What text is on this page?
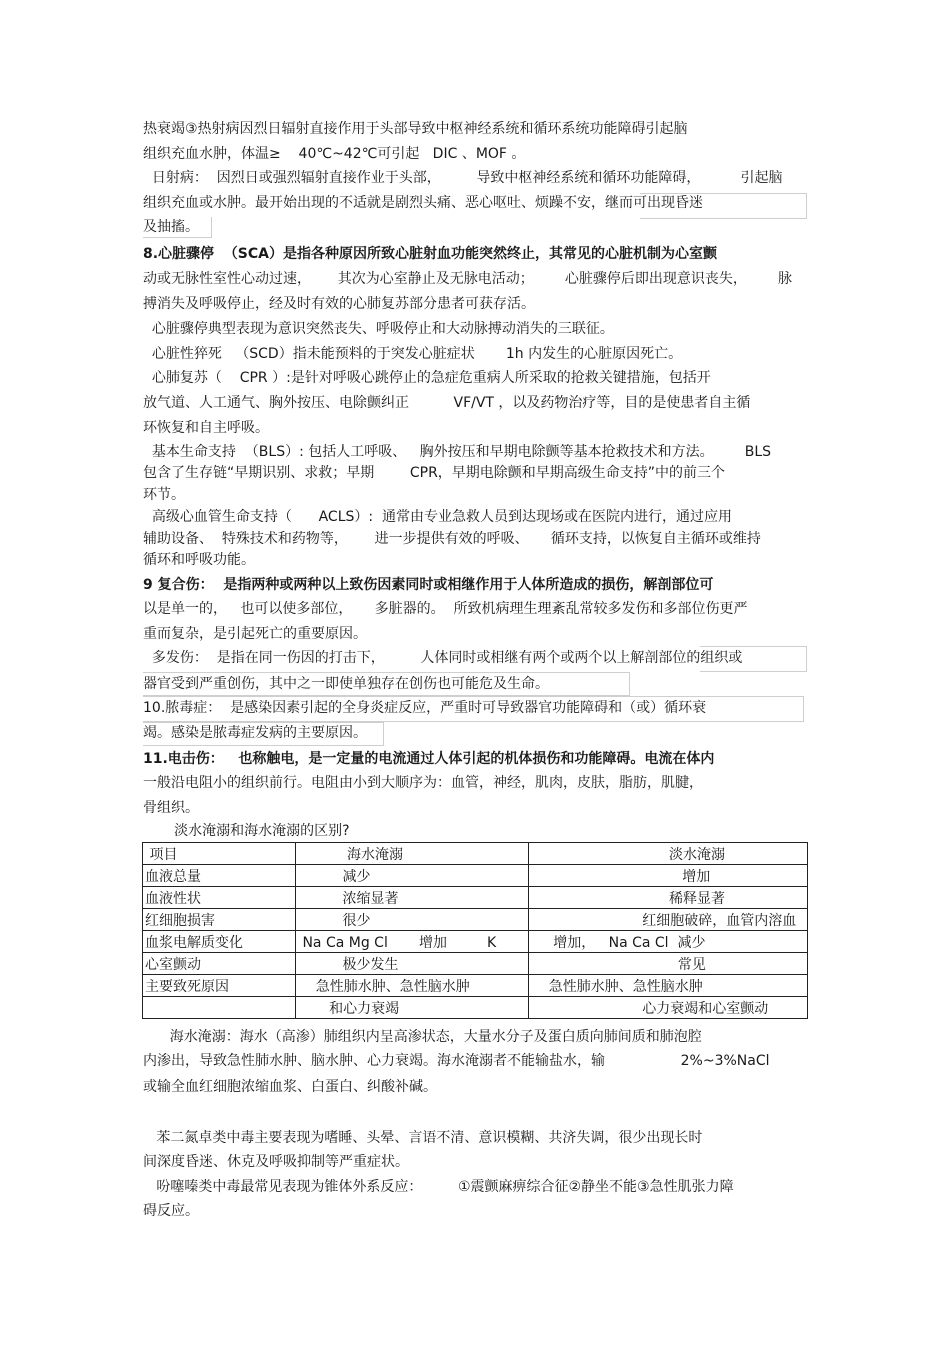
热衰竭③热射病因烈日辐射直接作用于头部导致中枢神经系统和循环系统功能障碍引起脑
组织充血水肿，体温≥    40℃~42℃可引起   DIC 、MOF 。
日射病：  因烈日或强烈辐射直接作业于头部，        导致中枢神经系统和循环功能障碍，         引起脑
组织充血或水肿。最开始出现的不适就是剧烈头痛、恶心呕吐、烦躁不安，继而可出现昏迷
及抽搐。
8.心脏骤停  （SCA）是指各种原因所致心脏射血功能突然终止，其常见的心脏机制为心室颤
动或无脉性室性心动过速，      其次为心室静止及无脉电活动；       心脏骤停后即出现意识丧失，       脉
搏消失及呼吸停止，经及时有效的心肺复苏部分患者可获存活。
心脏骤停典型表现为意识突然丧失、呼吸停止和大动脉搏动消失的三联征。
心脏性猝死   （SCD）指未能预料的于突发心脏症状       1h 内发生的心脏原因死亡。
心肺复苏（    CPR ）:是针对呼吸心跳停止的急症危重病人所采取的抢救关键措施，包括开
放气道、人工通气、胸外按压、电除颤纠正          VF/VT ，以及药物治疗等，目的是使患者自主循
环恢复和自主呼吸。
基本生命支持  （BLS）: 包括人工呼吸、   胸外按压和早期电除颤等基本抢救技术和方法。       BLS
包含了生存链“早期识别、求救；早期        CPR，早期电除颤和早期高级生命支持”中的前三个
环节。
高级心血管生命支持（      ACLS）:  通常由专业急救人员到达现场或在医院内进行，通过应用
辅助设备、  特殊技术和药物等，      进一步提供有效的呼吸、     循环支持，以恢复自主循环或维持
循环和呼吸功能。
9 复合伤：  是指两种或两种以上致伤因素同时或相继作用于人体所造成的损伤，解剖部位可
以是单一的，   也可以使多部位，     多脏器的。  所致机病理生理紊乱常较多发伤和多部位伤更严
重而复杂，是引起死亡的重要原因。
多发伤：  是指在同一伤因的打击下，        人体同时或相继有两个或两个以上解剖部位的组织或
器官受到严重创伤，其中之一即使单独存在创伤也可能危及生命。
10.脓毒症：  是感染因素引起的全身炎症反应，严重时可导致器官功能障碍和（或）循环衰
竭。感染是脓毒症发病的主要原因。
11.电击伤：   也称触电，是一定量的电流通过人体引起的机体损伤和功能障碍。电流在体内
一般沿电阻小的组织前行。电阻由小到大顺序为：血管，神经，肌肉，皮肤，脂肪，肌腱，
骨组织。
淡水淹溺和海水淹溺的区别?
项目	海水淹溺	淡水淹溺
血液总量	减少	增加
血液性状	浓缩显著	稀释显著
红细胞损害	很少	红细胞破碎，血管内溶血
血浆电解质变化	Na Ca Mg Cl       增加         K	增加，   Na Ca Cl  减少
心室颤动	极少发生	常见
主要致死原因	急性肺水肿、急性脑水肿	急性肺水肿、急性脑水肿
	和心力衰竭	心力衰竭和心室颤动
海水淹溺：海水（高渗）肺组织内呈高渗状态，大量水分子及蛋白质向肺间质和肺泡腔
内渗出，导致急性肺水肿、脑水肿、心力衰竭。海水淹溺者不能输盐水，输                 2%~3%NaCl
或输全血红细胞浓缩血浆、白蛋白、纠酸补碱。
苯二氮卓类中毒主要表现为嗜睡、头晕、言语不清、意识模糊、共济失调，很少出现长时
间深度昏迷、休克及呼吸抑制等严重症状。
吩噻嗪类中毒最常见表现为锥体外系反应：        ①震颤麻痹综合征②静坐不能③急性肌张力障
碍反应。
